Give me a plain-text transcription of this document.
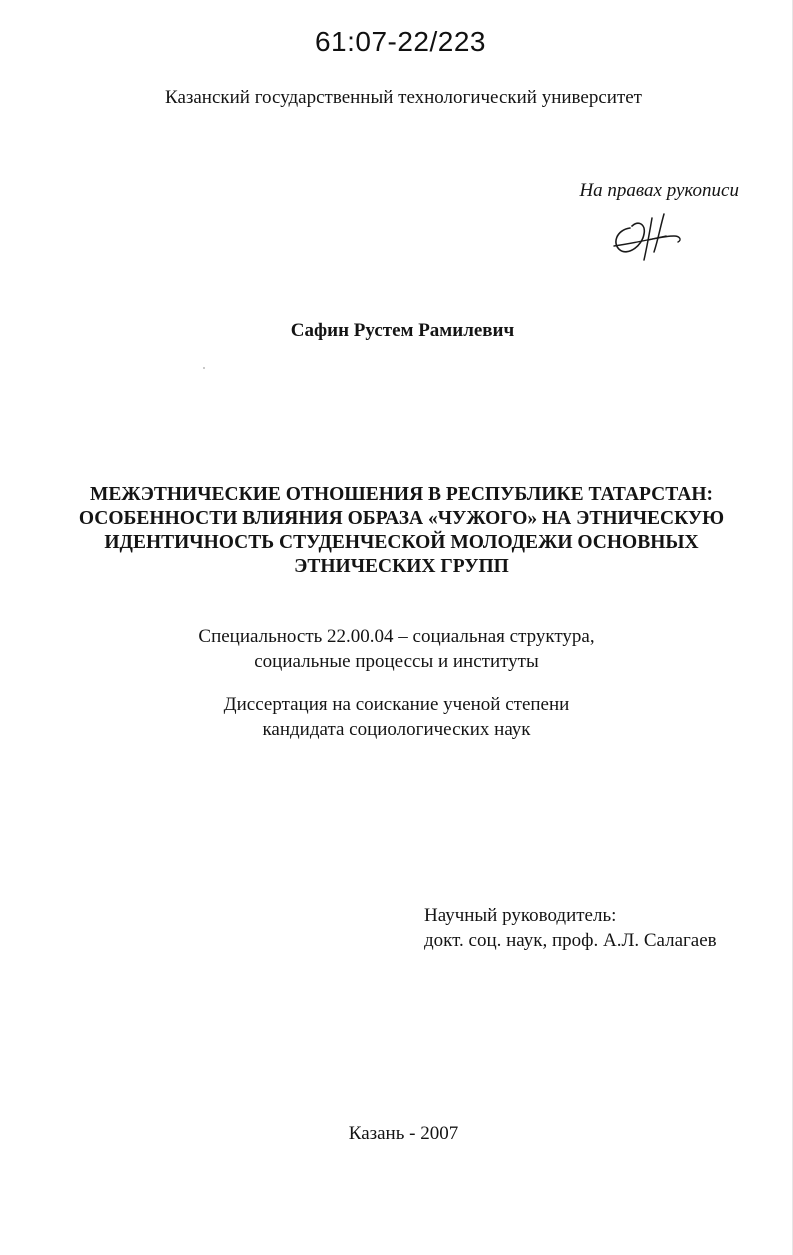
61:07-22/223
Казанский государственный технологический университет
На правах рукописи
Сафин Рустем Рамилевич
МЕЖЭТНИЧЕСКИЕ ОТНОШЕНИЯ В РЕСПУБЛИКЕ ТАТАРСТАН:
ОСОБЕННОСТИ ВЛИЯНИЯ ОБРАЗА «ЧУЖОГО» НА ЭТНИЧЕСКУЮ
ИДЕНТИЧНОСТЬ СТУДЕНЧЕСКОЙ МОЛОДЕЖИ ОСНОВНЫХ
ЭТНИЧЕСКИХ ГРУПП
Специальность 22.00.04 – социальная структура,
социальные процессы и институты
Диссертация на соискание ученой степени
кандидата социологических наук
Научный руководитель:
докт. соц. наук, проф. А.Л. Салагаев
Казань - 2007
